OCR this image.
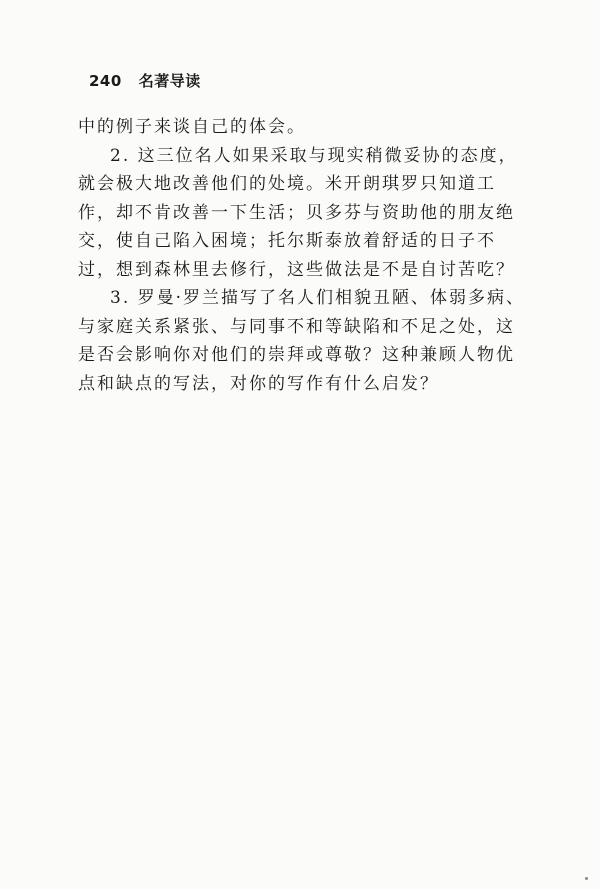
240 名著导读

中的例子来谈自己的体会。

2. 这三位名人如果采取与现实稍微妥协的态度，就会极大地改善他们的处境。米开朗琪罗只知道工作，却不肯改善一下生活；贝多芬与资助他的朋友绝交，使自己陷入困境；托尔斯泰放着舒适的日子不过，想到森林里去修行，这些做法是不是自讨苦吃？

3. 罗曼·罗兰描写了名人们相貌丑陋、体弱多病、与家庭关系紧张、与同事不和等缺陷和不足之处，这是否会影响你对他们的崇拜或尊敬？这种兼顾人物优点和缺点的写法，对你的写作有什么启发？
